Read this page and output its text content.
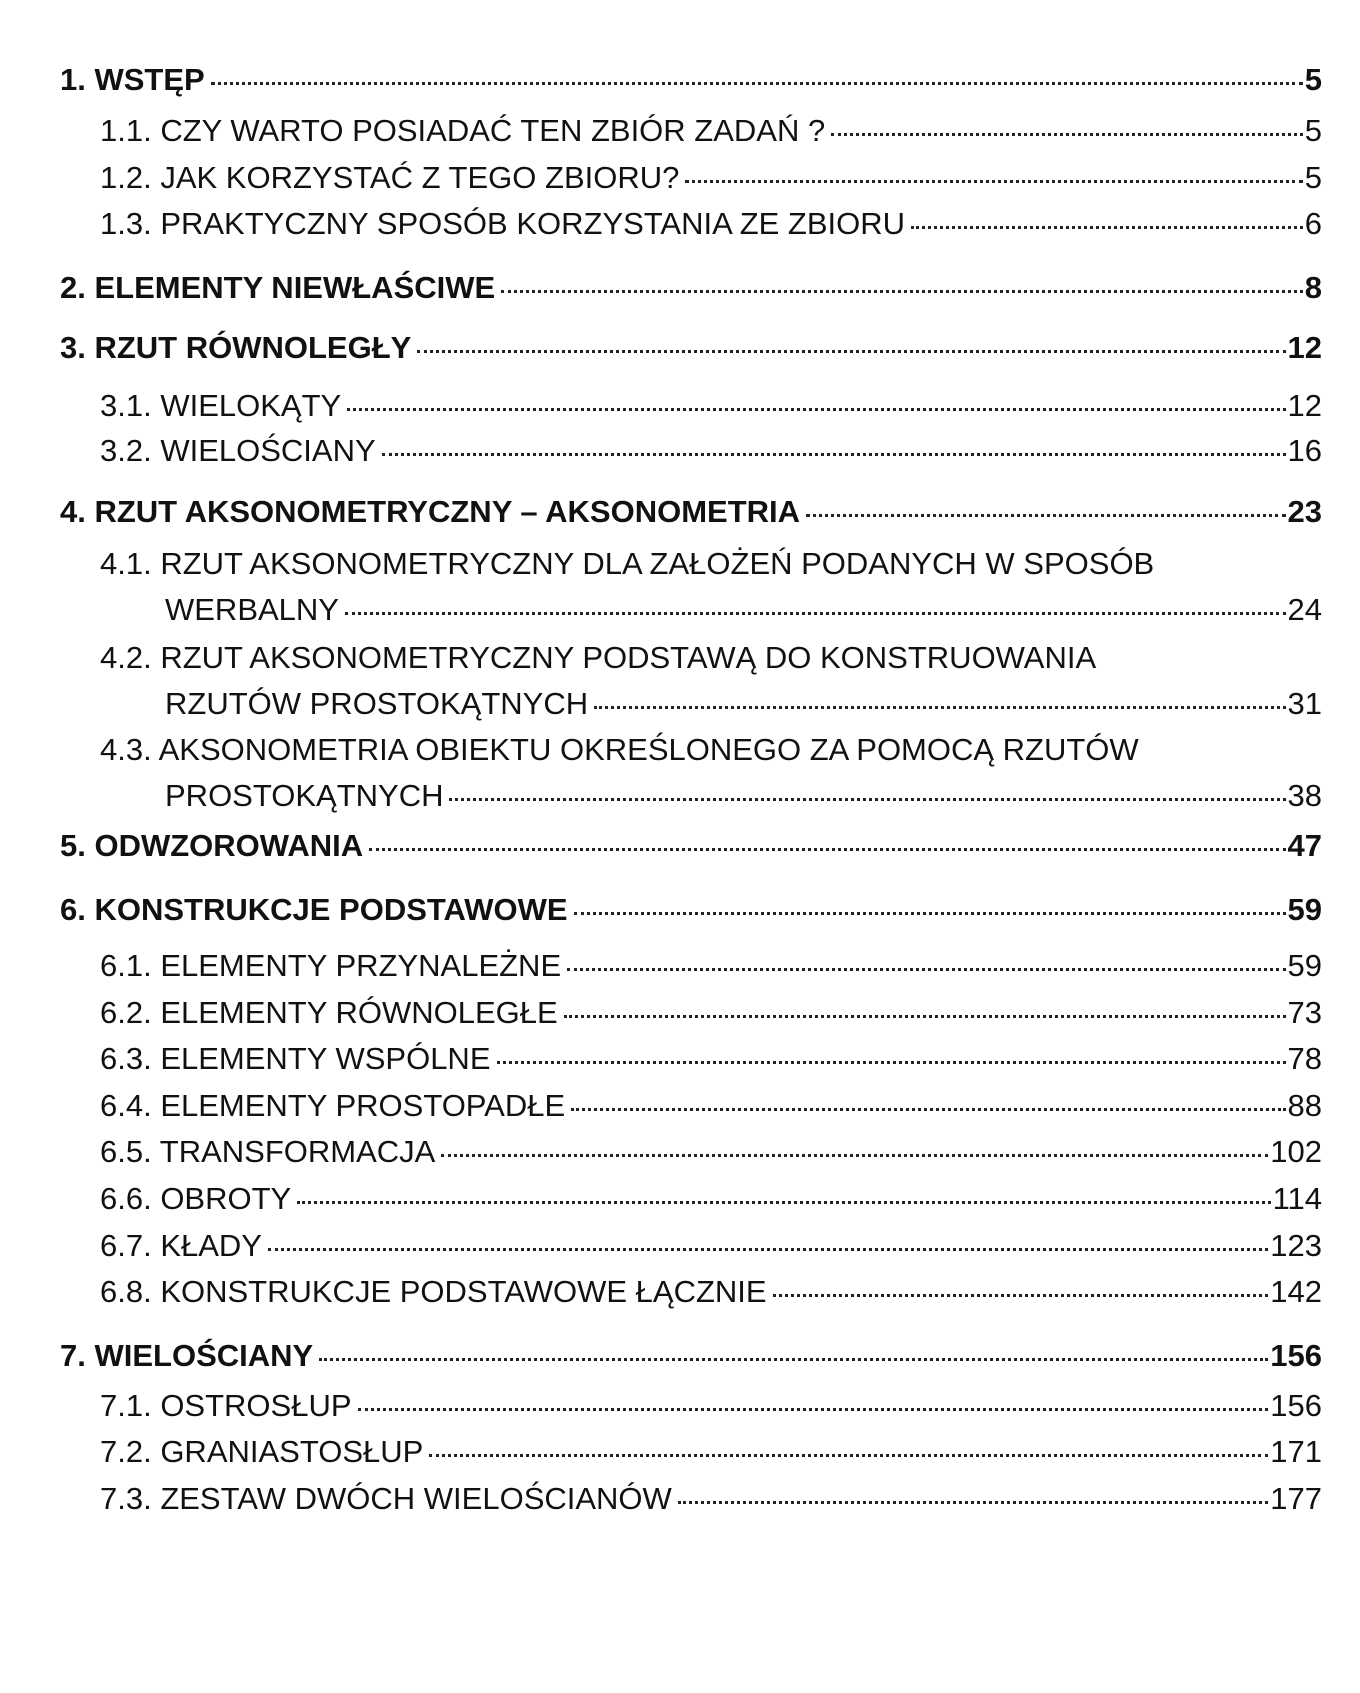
1. WSTĘP	5
1.1. CZY WARTO POSIADAĆ TEN ZBIÓR ZADAŃ ?	5
1.2. JAK KORZYSTAĆ Z TEGO ZBIORU?	5
1.3. PRAKTYCZNY SPOSÓB KORZYSTANIA ZE ZBIORU	6
2. ELEMENTY NIEWŁAŚCIWE	8
3. RZUT RÓWNOLEGŁY	12
3.1. WIELOKĄTY	12
3.2. WIELOŚCIANY	16
4. RZUT AKSONOMETRYCZNY – AKSONOMETRIA	23
4.1. RZUT AKSONOMETRYCZNY DLA ZAŁOŻEŃ PODANYCH W SPOSÓB
WERBALNY	24
4.2. RZUT AKSONOMETRYCZNY PODSTAWĄ DO KONSTRUOWANIA
RZUTÓW PROSTOKĄTNYCH	31
4.3. AKSONOMETRIA OBIEKTU OKREŚLONEGO ZA POMOCĄ RZUTÓW
PROSTOKĄTNYCH	38
5. ODWZOROWANIA	47
6. KONSTRUKCJE PODSTAWOWE	59
6.1. ELEMENTY PRZYNALEŻNE	59
6.2. ELEMENTY RÓWNOLEGŁE	73
6.3. ELEMENTY WSPÓLNE	78
6.4. ELEMENTY PROSTOPADŁE	88
6.5. TRANSFORMACJA	102
6.6. OBROTY	114
6.7. KŁADY	123
6.8. KONSTRUKCJE PODSTAWOWE ŁĄCZNIE	142
7. WIELOŚCIANY	156
7.1. OSTROSŁUP	156
7.2. GRANIASTOSŁUP	171
7.3. ZESTAW DWÓCH WIELOŚCIANÓW	177
